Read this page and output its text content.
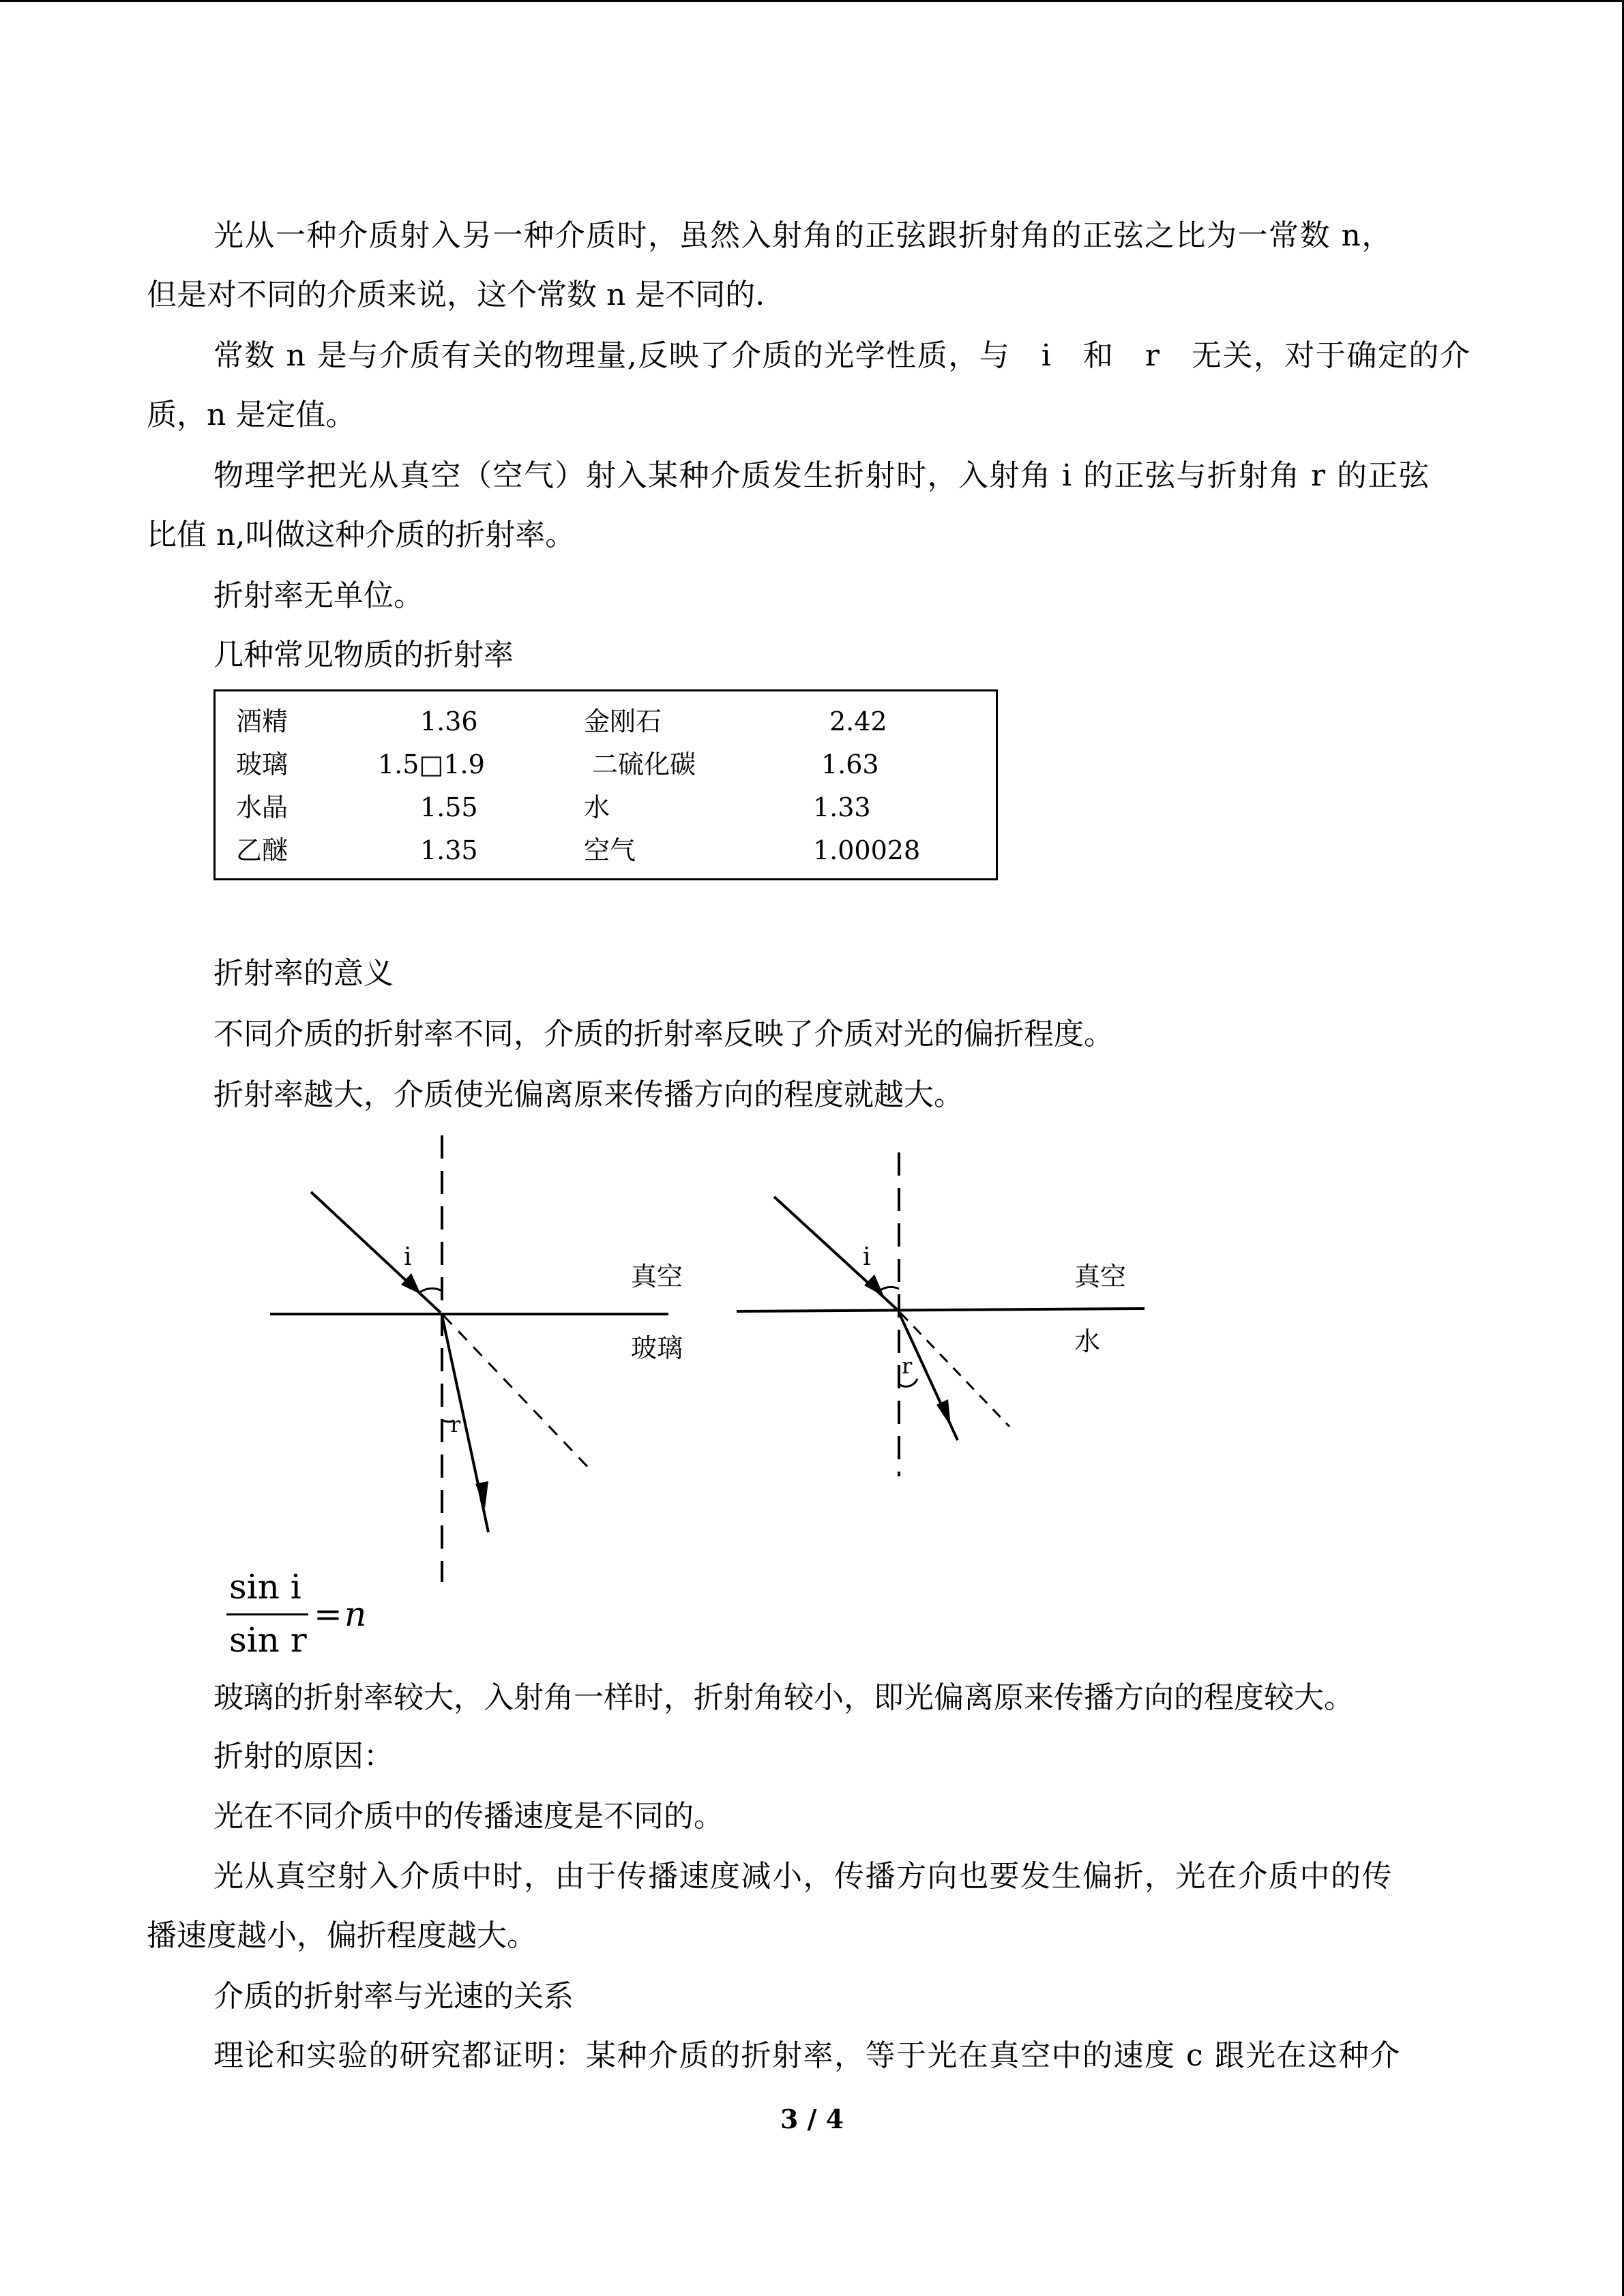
光从一种介质射入另一种介质时，虽然入射角的正弦跟折射角的正弦之比为一常数 n，
但是对不同的介质来说，这个常数 n 是不同的.
常数 n 是与介质有关的物理量,反映了介质的光学性质，与　i　和　r　无关，对于确定的介
质，n 是定值。
物理学把光从真空（空气）射入某种介质发生折射时，入射角 i 的正弦与折射角 r 的正弦
比值 n,叫做这种介质的折射率。
折射率无单位。
几种常见物质的折射率
酒精	1.36	金刚石	2.42
玻璃	1.5□1.9	二硫化碳	1.63
水晶	1.55	水	1.33
乙醚	1.35	空气	1.00028
折射率的意义
不同介质的折射率不同，介质的折射率反映了介质对光的偏折程度。
折射率越大，介质使光偏离原来传播方向的程度就越大。
i
r
真空
玻璃
i
r
真空
水
sin i
sin r
= n
玻璃的折射率较大，入射角一样时，折射角较小，即光偏离原来传播方向的程度较大。
折射的原因：
光在不同介质中的传播速度是不同的。
光从真空射入介质中时，由于传播速度减小，传播方向也要发生偏折，光在介质中的传
播速度越小，偏折程度越大。
介质的折射率与光速的关系
理论和实验的研究都证明：某种介质的折射率，等于光在真空中的速度 c 跟光在这种介
3 / 4
